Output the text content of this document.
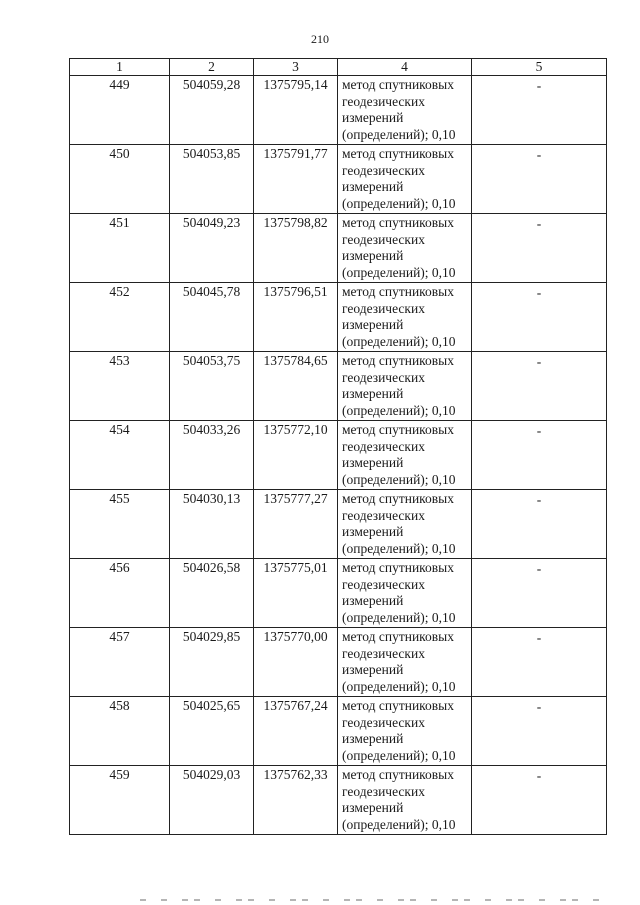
210
1	2	3	4	5
449	504059,28	1375795,14	метод спутниковых
геодезических
измерений
(определений); 0,10	-
450	504053,85	1375791,77	метод спутниковых
геодезических
измерений
(определений); 0,10	-
451	504049,23	1375798,82	метод спутниковых
геодезических
измерений
(определений); 0,10	-
452	504045,78	1375796,51	метод спутниковых
геодезических
измерений
(определений); 0,10	-
453	504053,75	1375784,65	метод спутниковых
геодезических
измерений
(определений); 0,10	-
454	504033,26	1375772,10	метод спутниковых
геодезических
измерений
(определений); 0,10	-
455	504030,13	1375777,27	метод спутниковых
геодезических
измерений
(определений); 0,10	-
456	504026,58	1375775,01	метод спутниковых
геодезических
измерений
(определений); 0,10	-
457	504029,85	1375770,00	метод спутниковых
геодезических
измерений
(определений); 0,10	-
458	504025,65	1375767,24	метод спутниковых
геодезических
измерений
(определений); 0,10	-
459	504029,03	1375762,33	метод спутниковых
геодезических
измерений
(определений); 0,10	-
